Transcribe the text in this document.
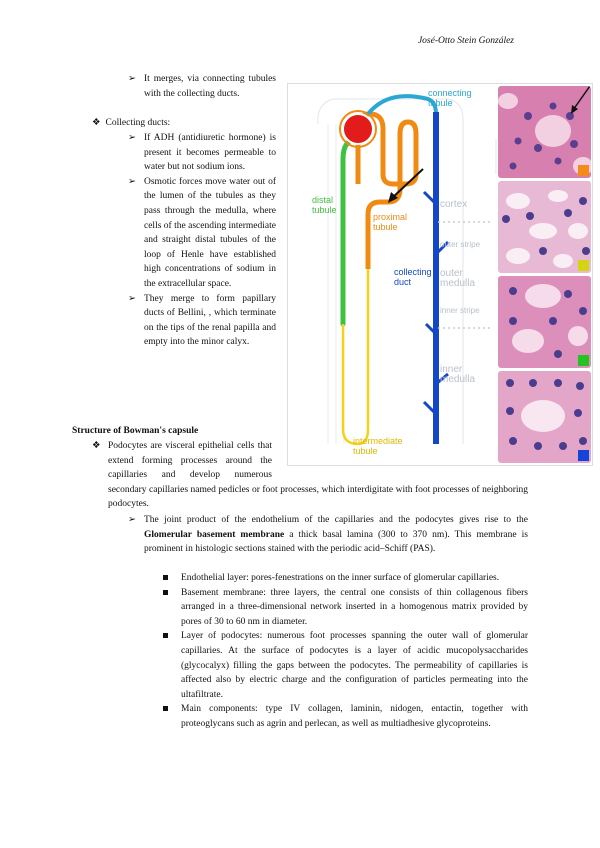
José-Otto Stein González
➢ It merges, via connecting tubules with the collecting ducts.
❖ Collecting ducts:
➢ If ADH (antidiuretic hormone) is present it becomes permeable to water but not sodium ions.
➢ Osmotic forces move water out of the lumen of the tubules as they pass through the medulla, where cells of the ascending intermediate and straight distal tubules of the loop of Henle have established high concentrations of sodium in the extracellular space.
➢ They merge to form papillary ducts of Bellini, , which terminate on the tips of the renal papilla and empty into the minor calyx.
Structure of Bowman's capsule
❖ Podocytes are visceral epithelial cells that extend forming processes around the capillaries and develop numerous secondary capillaries named pedicles or foot processes, which interdigitate with foot processes of neighboring podocytes.
➢ The joint product of the endothelium of the capillaries and the podocytes gives rise to the Glomerular basement membrane a thick basal lamina (300 to 370 nm). This membrane is prominent in histologic sections stained with the periodic acid–Schiff (PAS).
Endothelial layer: pores-fenestrations on the inner surface of glomerular capillaries.
Basement membrane: three layers, the central one consists of thin collagenous fibers arranged in a three-dimensional network inserted in a homogenous matrix provided by pores of 30 to 60 nm in diameter.
Layer of podocytes: numerous foot processes spanning the outer wall of glomerular capillaries. At the surface of podocytes is a layer of acidic mucopolysaccharides (glycocalyx) filling the gaps between the podocytes. The permeability of capillaries is affected also by electric charge and the configuration of particles permeating into the ultafiltrate.
Main components: type IV collagen, laminin, nidogen, entactin, together with proteoglycans such as agrin and perlecan, as well as multiadhesive glycoproteins.
connecting
tubule
distal
tubule
proximal
tubule
collecting
duct
intermediate
tubule
cortex
outer stripe
outer
medulla
inner stripe
inner
medulla
